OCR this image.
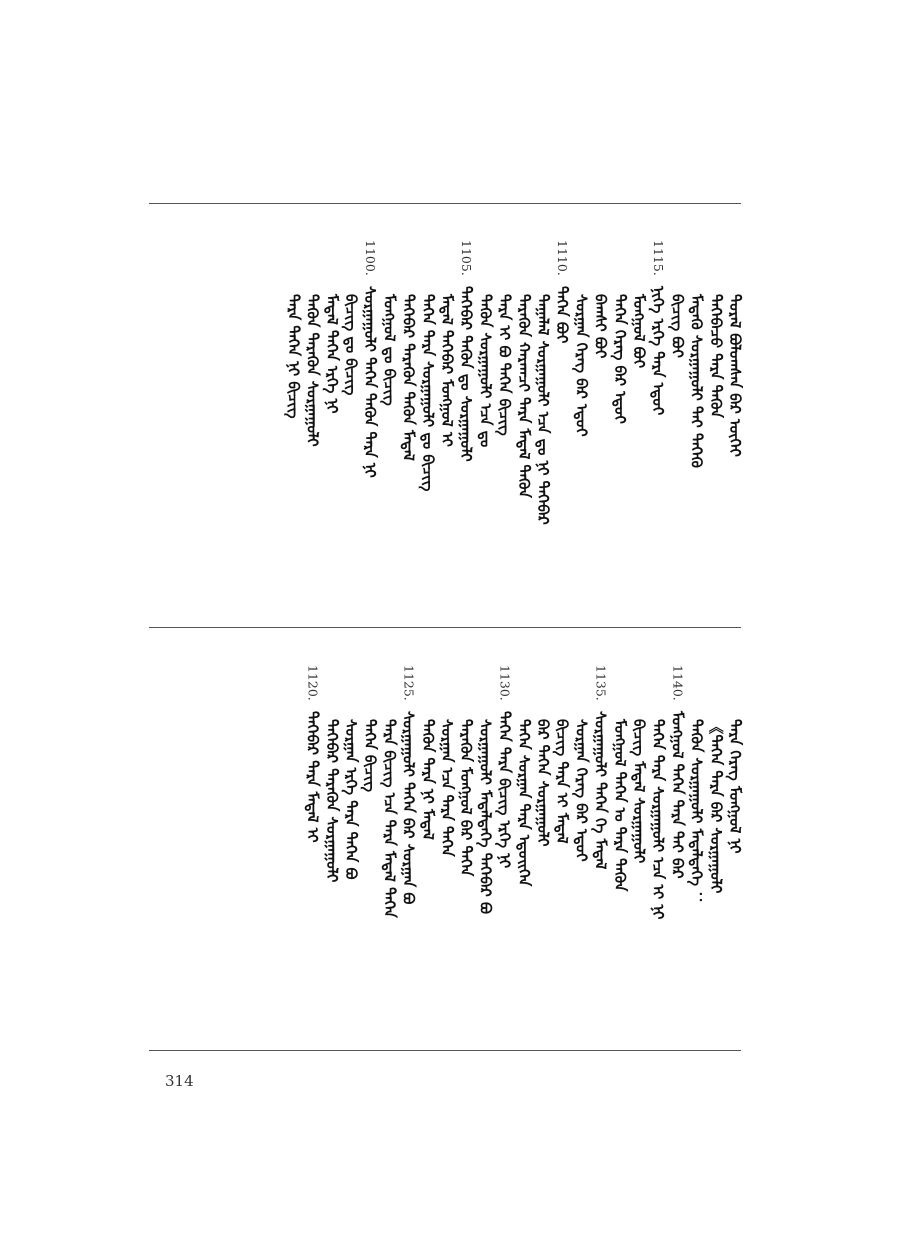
ᠳᠤᠷᠠᠯ ᠪᠤᠯᠤᠭᠰᠠᠨ ᠪᠡᠷ ᠦᠭᠡᠢ
ᠲᠡᠭᠡᠪᠡᠴᠦ ᠲᠡᠷᠡ ᠲᠡᠭᠦᠨ
ᠮᠡᠳᠡᠬᠦ ᠰᠤᠷᠭᠠᠭᠤᠯᠢ ᠲᠡᠢ ᠲᠡᠭᠡᠬᠦ
ᠪᠢᠴᠢᠭ ᠪᠤᠢ
1115.
ᠨᠢᠭᠡ ᠡᠷᠬᠡ ᠲᠡᠷᠡ ᠡᠳᠦᠢ
ᠮᠣᠩᠭᠣᠯ ᠪᠤᠢ
ᠲᠡᠭᠡᠨ ᠬᠡᠷᠡᠭ ᠪᠠᠷ ᠡᠳᠦᠢ
ᠪᠠᠭᠰᠢ ᠪᠤᠢ
ᠰᠤᠷᠭᠠᠨ ᠬᠡᠷᠡᠭ ᠪᠠᠷ ᠡᠳᠦᠢ
1110.
ᠲᠡᠭᠡᠨ ᠪᠤᠢ
ᠲᠠᠭᠠᠯᠠᠯ ᠰᠤᠷᠭᠠᠭᠤᠯᠢ ᠡᠴᠡ ᠳᠤ ᠨᠢ ᠲᠡᠭᠡᠪᠡᠷ
ᠲᠡᠷᠡᠭᠦᠨ ᠬᠠᠷᠠᠭᠴᠢ ᠲᠡᠷᠡ ᠮᠡᠳᠡᠯ ᠲᠡᠭᠦᠨ
ᠲᠡᠷᠡ ᠢ ᠪᠤ ᠲᠡᠭᠡᠨ ᠪᠢᠴᠢᠭ
ᠲᠡᠭᠦᠨ ᠰᠤᠷᠭᠠᠭᠤᠯᠢ ᠡᠴᠡ ᠳᠤ
1105.
ᠲᠡᠭᠡᠪᠡᠷ ᠲᠡᠭᠦᠨ ᠳᠤ ᠰᠤᠷᠭᠠᠭᠤᠯᠢ
ᠮᠡᠳᠡᠯ ᠲᠡᠭᠡᠪᠡᠷ ᠮᠣᠩᠭᠣᠯ ᠢ
ᠲᠡᠭᠡᠨ ᠲᠡᠷᠡ ᠰᠤᠷᠭᠠᠭᠤᠯᠢ ᠳᠤ ᠪᠢᠴᠢᠭ
ᠲᠡᠭᠡᠪᠡᠷ ᠲᠡᠷᠡᠭᠦᠨ ᠲᠡᠭᠦᠨ ᠮᠡᠳᠡᠯ
ᠮᠣᠩᠭᠣᠯ ᠳᠤ ᠪᠢᠴᠢᠭ
1100.
ᠰᠤᠷᠭᠠᠭᠤᠯᠢ ᠲᠡᠭᠡᠨ ᠲᠡᠭᠦᠨ ᠲᠡᠷᠡ ᠨᠢ
ᠪᠢᠴᠢᠭ ᠳᠤ ᠪᠢᠴᠢᠭ
ᠮᠡᠳᠡᠯ ᠲᠡᠭᠡᠨ ᠡᠷᠬᠡ ᠨᠢ
ᠲᠡᠭᠦᠨ ᠲᠡᠷᠡᠭᠦᠨ ᠰᠤᠷᠭᠠᠭᠤᠯᠢ
ᠲᠡᠷᠡ ᠲᠡᠭᠡᠨ ᠨᠢ ᠪᠢᠴᠢᠭ
ᠲᠡᠷᠡ ᠬᠡᠷᠡᠭ ᠮᠣᠩᠭᠣᠯ ᠨᠢ
《ᠲᠡᠭᠡᠨ ᠲᠡᠷᠡ ᠪᠠᠷ ᠰᠤᠷᠭᠠᠭᠤᠯᠢ
ᠲᠡᠭᠦᠨ ᠰᠤᠷᠭᠠᠭᠤᠯᠢ ᠮᠡᠳᠡᠯᠲᠡᠭᠡ ：
1140.
ᠮᠣᠩᠭᠣᠯ ᠲᠡᠭᠡᠨ ᠲᠡᠷᠡ ᠲᠡᠢ ᠪᠠᠷ
ᠲᠡᠭᠡᠨ ᠲᠡᠷᠡ ᠰᠤᠷᠭᠠᠭᠤᠯᠢ ᠡᠴᠡ ᠢ ᠨᠢ
ᠪᠢᠴᠢᠭ ᠮᠡᠳᠡᠯ ᠰᠤᠷᠭᠠᠭᠤᠯᠢ
ᠮᠣᠩᠭᠣᠯ ᠲᠡᠭᠡᠨ ᠤ ᠲᠡᠷᠡ ᠲᠡᠭᠦᠨ
1135.
ᠰᠤᠷᠭᠠᠭᠤᠯᠢ ᠲᠡᠭᠡᠨ ᠬᠡ ᠮᠡᠳᠡᠯ
ᠰᠤᠷᠭᠠᠨ ᠬᠡᠷᠡᠭ ᠪᠠᠷ ᠡᠳᠦᠢ
ᠪᠢᠴᠢᠭ ᠲᠡᠷᠡ ᠢ ᠮᠡᠳᠡᠯ
ᠪᠠᠷ ᠲᠡᠭᠡᠨ ᠰᠤᠷᠭᠠᠭᠤᠯᠢ
ᠲᠡᠭᠡᠨ ᠰᠤᠷᠭᠠᠨ ᠲᠡᠷᠡ ᠡᠳᠦᠢᠬᠡᠨ
1130.
ᠲᠡᠭᠡᠨ ᠲᠡᠷᠡ ᠪᠢᠴᠢᠭ ᠡᠷᠬᠡ ᠨᠢ
ᠰᠤᠷᠭᠠᠭᠤᠯᠢ ᠮᠡᠳᠡᠯᠲᠡᠭᠡ ᠲᠡᠭᠡᠪᠡᠷ ᠪᠤ
ᠲᠡᠷᠡᠭᠦᠨ ᠮᠣᠩᠭᠣᠯ ᠪᠠᠷ ᠲᠡᠭᠡᠨ
ᠰᠤᠷᠭᠠᠨ ᠡᠴᠡ ᠲᠡᠷᠡ ᠲᠡᠭᠡᠨ
ᠲᠡᠭᠦᠨ ᠲᠡᠷᠡ ᠨᠢ ᠮᠡᠳᠡᠯ
1125.
ᠰᠤᠷᠭᠠᠭᠤᠯᠢ ᠲᠡᠭᠡᠨ ᠪᠠᠷ ᠰᠤᠷᠭᠠᠨ ᠪᠤ
ᠲᠡᠷᠡ ᠪᠢᠴᠢᠭ ᠡᠴᠡ ᠲᠡᠷᠡ ᠮᠡᠳᠡᠯ ᠲᠡᠭᠡᠨ
ᠲᠡᠭᠡᠨ ᠪᠢᠴᠢᠭ
ᠰᠤᠷᠭᠠᠨ ᠡᠷᠬᠡ ᠲᠡᠷᠡ ᠲᠡᠭᠡᠨ ᠪᠤ
ᠲᠡᠭᠡᠪᠡᠷ ᠲᠡᠷᠡᠭᠦᠨ ᠰᠤᠷᠭᠠᠭᠤᠯᠢ
1120.
ᠲᠡᠭᠡᠪᠡᠷ ᠲᠡᠷᠡ ᠮᠡᠳᠡᠯ ᠢ
314
